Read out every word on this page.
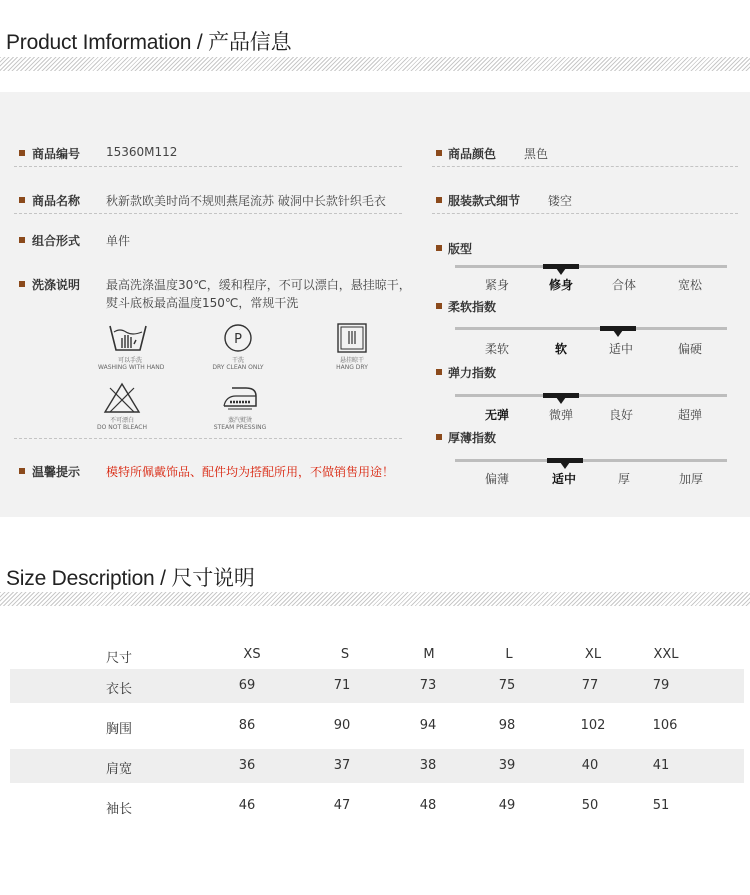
Product Imformation / 产品信息
商品编号 15360M112
商品名称 秋新款欧美时尚不规则燕尾流苏 破洞中长款针织毛衣
组合形式 单件
洗涤说明 最高洗涤温度30℃，缓和程序，不可以漂白，悬挂晾干，
熨斗底板最高温度150℃，常规干洗
可以手洗
WASHING WITH HAND
P
干洗
DRY CLEAN ONLY
悬挂晾干
HANG DRY
不可漂白
DO NOT BLEACH
蒸汽熨烫
STEAM PRESSING
温馨提示 模特所佩戴饰品、配件均为搭配所用，不做销售用途！
商品颜色 黑色
服装款式细节 镂空
版型
紧身	修身	合体	宽松
柔软指数
柔软	软	适中	偏硬
弹力指数
无弹	微弹	良好	超弹
厚薄指数
偏薄	适中	厚	加厚
Size Description / 尺寸说明
尺寸	XS	S	M	L	XL	XXL
衣长	69	71	73	75	77	79
胸围	86	90	94	98	102	106
肩宽	36	37	38	39	40	41
袖长	46	47	48	49	50	51
